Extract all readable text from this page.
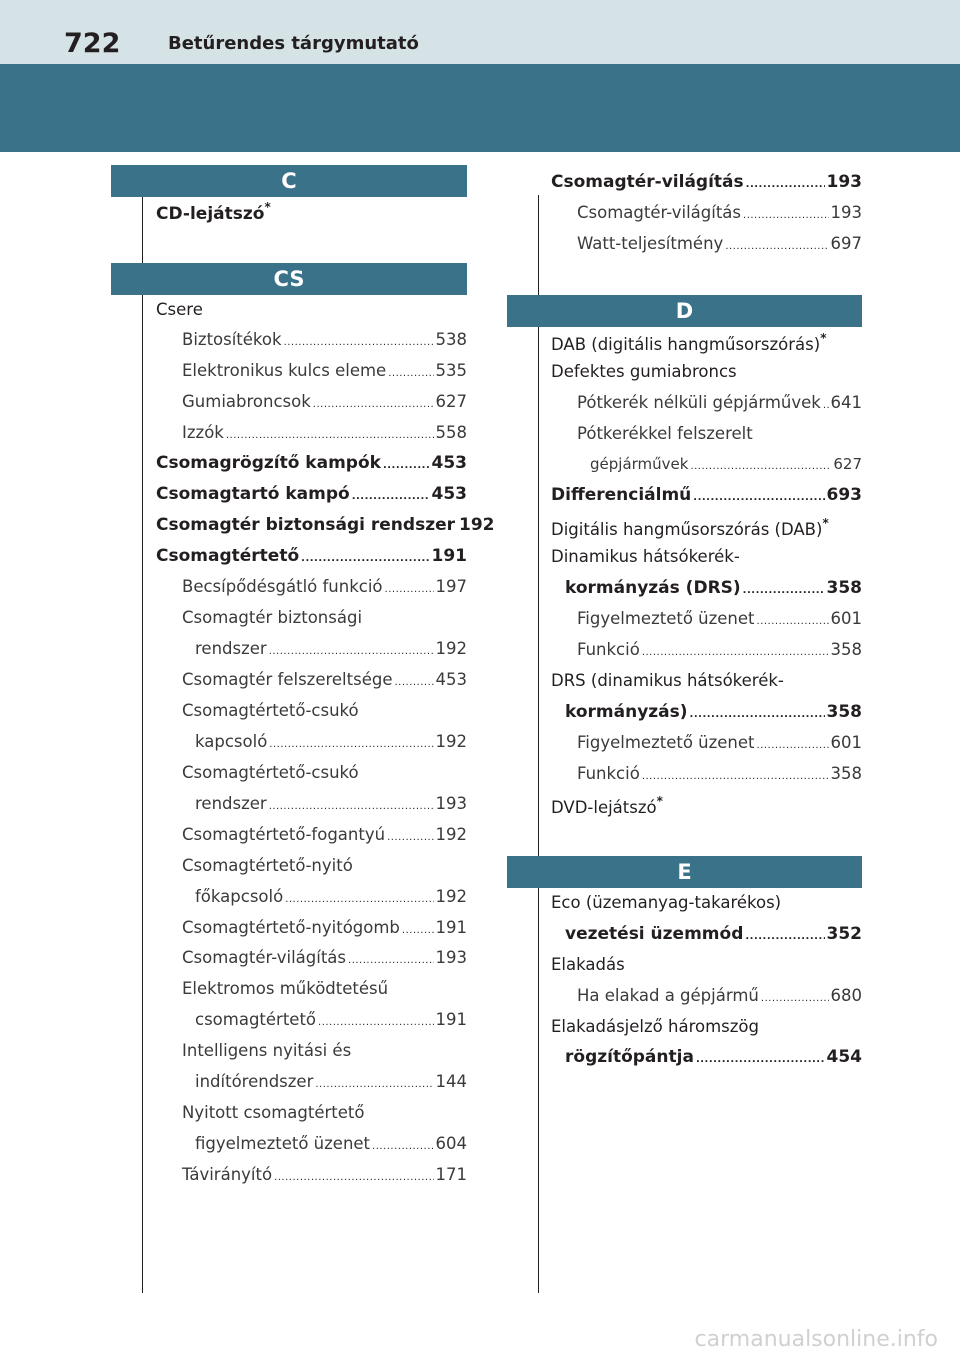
722	Betűrendes tárgymutató
C
CD-lejátszó*
CS
Csere
Biztosítékok .....	538
Elektronikus kulcs eleme .....	535
Gumiabroncsok .....	627
Izzók .....	558
Csomagrögzítő kampók .....	453
Csomagtartó kampó .....	453
Csomagtér biztonsági rendszer 192
Csomagtértető .....	191
Becsípődésgátló funkció .....	197
Csomagtér biztonsági
rendszer .....	192
Csomagtér felszereltsége .....	453
Csomagtértető-csukó
kapcsoló .....	192
Csomagtértető-csukó
rendszer .....	193
Csomagtértető-fogantyú .....	192
Csomagtértető-nyitó
főkapcsoló .....	192
Csomagtértető-nyitógomb ..... 191
Csomagtér-világítás .....	193
Elektromos működtetésű
csomagtértető .....	191
Intelligens nyitási és
indítórendszer .....	144
Nyitott csomagtértető
figyelmeztető üzenet .....	604
Távirányító .....	171
Csomagtér-világítás .....	193
Csomagtér-világítás .....	193
Watt-teljesítmény .....	697
D
DAB (digitális hangműsorszórás)*
Defektes gumiabroncs
Pótkerék nélküli gépjárművek ..... 641
Pótkerékkel felszerelt
gépjárművek .....	627
Differenciálmű .....	693
Digitális hangműsorszórás (DAB)*
Dinamikus hátsókerék-
kormányzás (DRS) .....	358
Figyelmeztető üzenet .....	601
Funkció .....	358
DRS (dinamikus hátsókerék-
kormányzás) .....	358
Figyelmeztető üzenet .....	601
Funkció .....	358
DVD-lejátszó*
E
Eco (üzemanyag-takarékos)
vezetési üzemmód .....	352
Elakadás
Ha elakad a gépjármű .....	680
Elakadásjelző háromszög
rögzítőpántja .....	454
carmanualsonline.info
